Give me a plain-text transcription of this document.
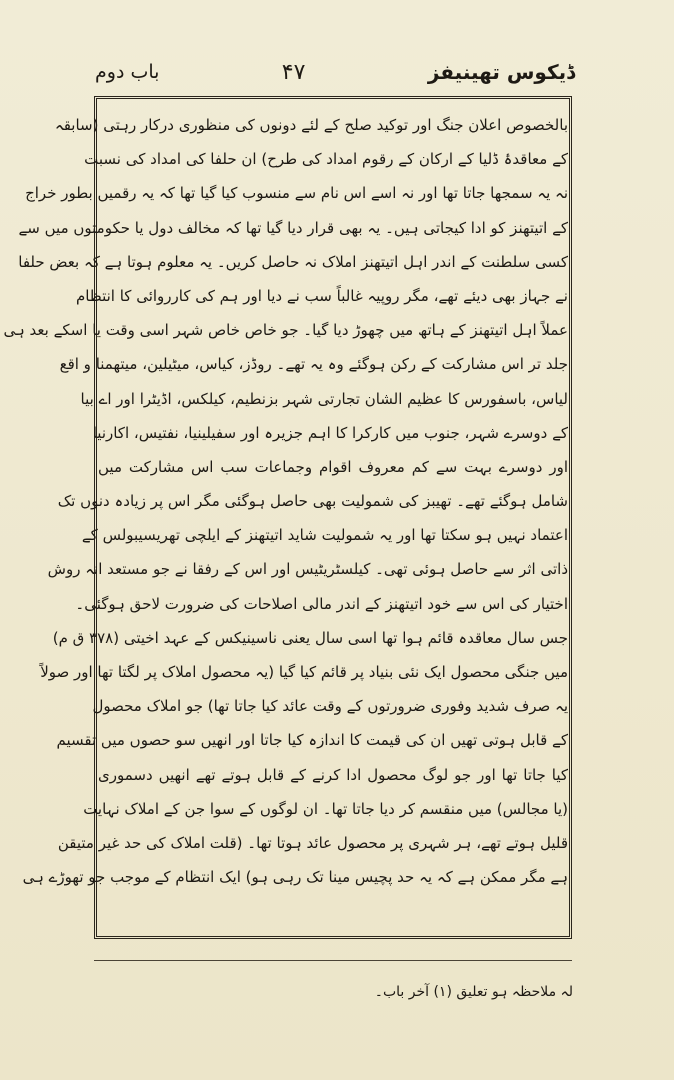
ڈیکوس تھینیفز
۴۷
باب دوم
بالخصوص اعلان جنگ اور توکید صلح کے لئے دونوں کی منظوری درکار رہتی (سابقہ
کے معاقدۂ ڈلیا کے ارکان کے رقوم امداد کی طرح) ان حلفا کی امداد کی نسبت
نہ یہ سمجھا جاتا تھا اور نہ اسے اس نام سے منسوب کیا گیا تھا کہ یہ رقمیں بطور خراج
کے اتیتھنز کو ادا کیجاتی ہیں۔ یہ بھی قرار دیا گیا تھا کہ مخالف دول یا حکومتوں میں سے
کسی سلطنت کے اندر اہل اتیتھنز املاک نہ حاصل کریں۔ یہ معلوم ہوتا ہے کہ بعض حلفا
نے جہاز بھی دیئے تھے، مگر روپیہ غالباً سب نے دیا اور ہم کی کارروائی کا انتظام
عملاً اہل اتیتھنز کے ہاتھ میں چھوڑ دیا گیا۔ جو خاص خاص شہر اسی وقت یا اسکے بعد ہی
جلد تر اس مشارکت کے رکن ہوگئے وہ یہ تھے۔ روڈز، کیاس، میٹیلین، میتھمنا و اقع
لیاس، باسفورس کا عظیم الشان تجارتی شہر بزنطیم، کیلکس، اڈیٹرا اور اے بیا
کے دوسرے شہر، جنوب میں کارکرا کا اہم جزیرہ اور سفیلینیا، نفتیس، اکارنیا
اور دوسرے بہت سے کم معروف اقوام وجماعات سب اس مشارکت میں
شامل ہوگئے تھے۔ تھیبز کی شمولیت بھی حاصل ہوگئی مگر اس پر زیادہ دنوں تک
اعتماد نہیں ہو سکتا تھا اور یہ شمولیت شاید اتیتھنز کے ایلچی تھریسیبولس کے
ذاتی اثر سے حاصل ہوئی تھی۔ کیلسٹریٹیس اور اس کے رفقا نے جو مستعد انہ روش
اختیار کی اس سے خود اتیتھنز کے اندر مالی اصلاحات کی ضرورت لاحق ہوگئی۔
جس سال معاقدہ قائم ہوا تھا اسی سال یعنی ناسینیکس کے عہد اخیتی (۳۷۸ ق م)
میں جنگی محصول ایک نئی بنیاد پر قائم کیا گیا (یہ محصول املاک پر لگتا تھا اور صولاً
یہ صرف شدید وفوری ضرورتوں کے وقت عائد کیا جاتا تھا) جو املاک محصول
کے قابل ہوتی تھیں ان کی قیمت کا اندازہ کیا جاتا اور انھیں سو حصوں میں تقسیم
کیا جاتا تھا اور جو لوگ محصول ادا کرنے کے قابل ہوتے تھے انھیں دسموری
(یا مجالس) میں منقسم کر دیا جاتا تھا۔ ان لوگوں کے سوا جن کے املاک نہایت
قلیل ہوتے تھے، ہر شہری پر محصول عائد ہوتا تھا۔ (قلت املاک کی حد غیر متیقن
ہے مگر ممکن ہے کہ یہ حد پچیس مینا تک رہی ہو) ایک انتظام کے موجب جو تھوڑے ہی
لہ ملاحظہ ہو تعلیق (۱) آخر باب۔
